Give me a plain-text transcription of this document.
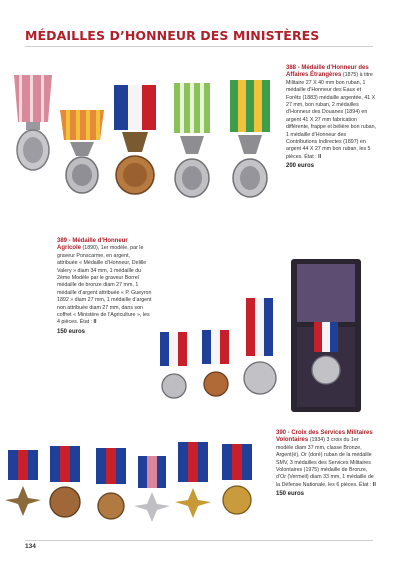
MÉDAILLES D’HONNEUR DES MINISTÈRES
388 - Médaille d’Honneur des Affaires Étrangères (1875) à titre Militaire 27 X 40 mm bon ruban, 1 médaille d’Honneur des Eaux et Forêts (1883) médaille argentée, 41 X 27 mm, bon ruban, 2 médailles d’Honneur des Douanes (1894) en argent 41 X 27 mm fabrication différente, frappe et bélière bon ruban, 1 médaille d’Honneur des Contributions Indirectes (1897) en argent 44 X 27 mm bon ruban, les 5 pièces. État : II
200 euros
389 - Médaille d’Honneur Agricole (1890), 1er modèle, par le graveur Ponscarme, en argent, attribuée « Médaille d’Honneur, Delille Valery » diam 34 mm, 1 médaille du 2ème Modèle par le graveur Borrel médaille de bronze diam 27 mm, 1 médaille d’argent attribuée « P. Gueyron 1892 » diam 27 mm, 1 médaille d’argent non attribuée diam 27 mm, dans son coffret « Ministère de l’Agriculture », les 4 pièces. État : II
150 euros
390 - Croix des Services Militaires Volontaires (1934) 3 croix du 1er modèle diam 37 mm, classe Bronze, Argent(é), Or (doré) ruban de la médaille SMV, 3 médailles des Services Militaires Volontaires (1975) médaille de Bronze, d’Or (Vermeil) diam 33 mm, 1 médaille de la Défense Nationale, les 6 pièces. État : II
150 euros
134
